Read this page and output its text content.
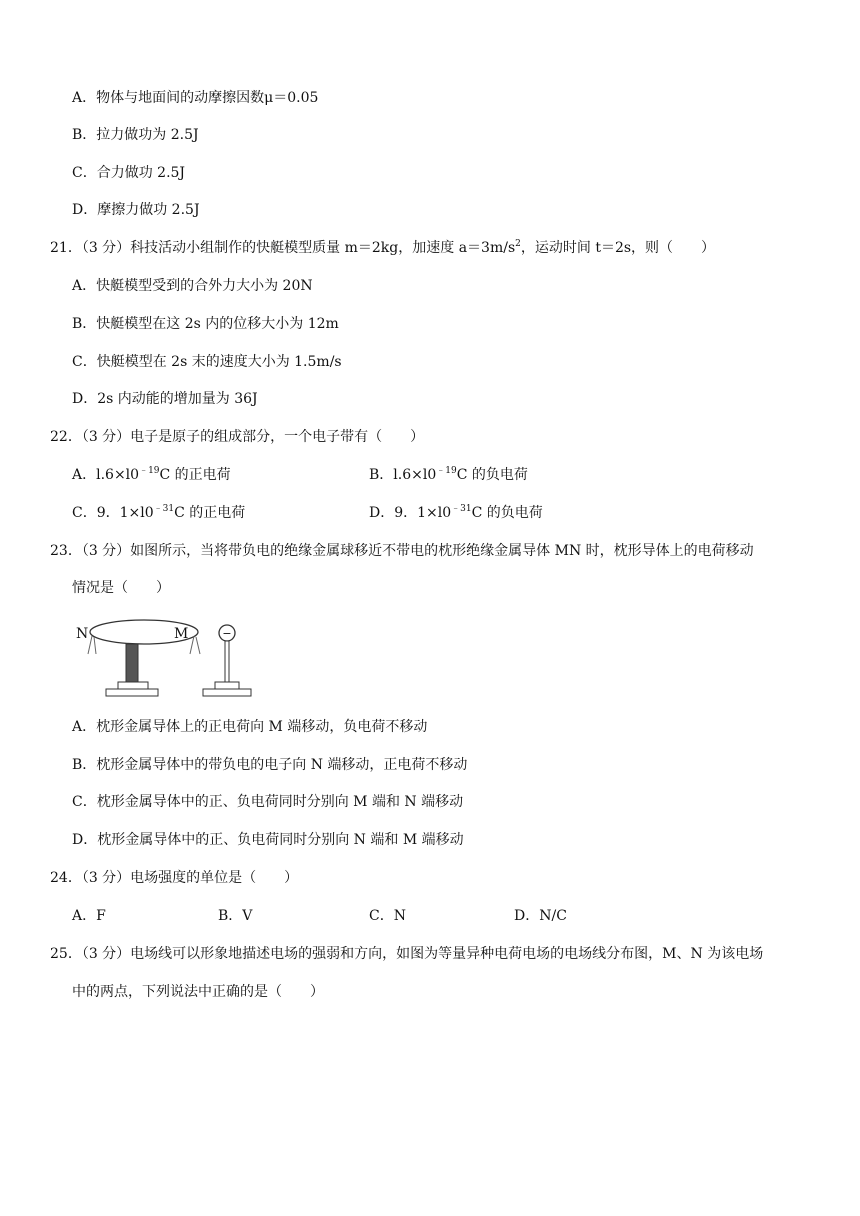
A．物体与地面间的动摩擦因数μ＝0.05
B．拉力做功为 2.5J
C．合力做功 2.5J
D．摩擦力做功 2.5J
21．（3 分）科技活动小组制作的快艇模型质量 m＝2kg，加速度 $a=3m/s^2$，运动时间 t＝2s，则（　　）
A．快艇模型受到的合外力大小为 20N
B．快艇模型在这 2s 内的位移大小为 12m
C．快艇模型在 2s 末的速度大小为 1.5m/s
D．2s 内动能的增加量为 36J
22．（3 分）电子是原子的组成部分，一个电子带有（　　）
A．$l.6\times l0^{﹣19}C$ 的正电荷	B．$l.6\times l0^{﹣19}C$ 的负电荷
C．9．$1\times l0^{﹣31}C$ 的正电荷	D．9．$1\times l0^{﹣31}C$ 的负电荷
23．（3 分）如图所示，当将带负电的绝缘金属球移近不带电的枕形绝缘金属导体 MN 时，枕形导体上的电荷移动
情况是（　　）
N	M	−
A．枕形金属导体上的正电荷向 M 端移动，负电荷不移动
B．枕形金属导体中的带负电的电子向 N 端移动，正电荷不移动
C．枕形金属导体中的正、负电荷同时分别向 M 端和 N 端移动
D．枕形金属导体中的正、负电荷同时分别向 N 端和 M 端移动
24．（3 分）电场强度的单位是（　　）
A．F	B．V	C．N	D．N/C
25．（3 分）电场线可以形象地描述电场的强弱和方向，如图为等量异种电荷电场的电场线分布图，M、N 为该电场
中的两点，下列说法中正确的是（　　）
